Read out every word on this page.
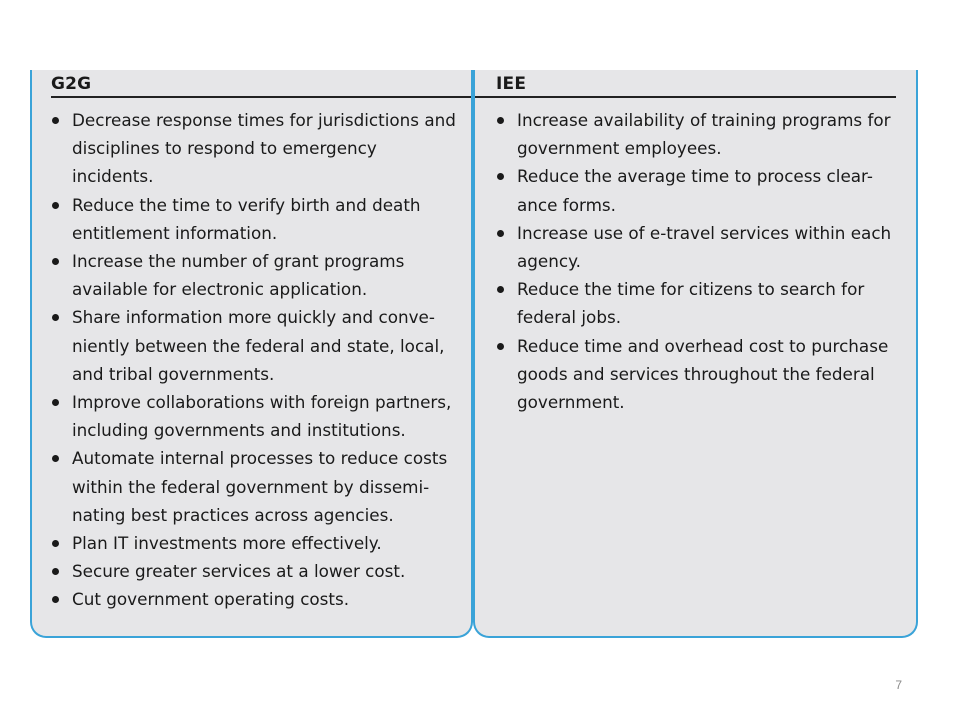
G2G
Decrease response times for jurisdictions and disciplines to respond to emergency incidents.
Reduce the time to verify birth and death entitlement information.
Increase the number of grant programs available for electronic application.
Share information more quickly and conve-niently between the federal and state, local, and tribal governments.
Improve collaborations with foreign partners, including governments and institutions.
Automate internal processes to reduce costs within the federal government by dissemi-nating best practices across agencies.
Plan IT investments more effectively.
Secure greater services at a lower cost.
Cut government operating costs.
IEE
Increase availability of training programs for government employees.
Reduce the average time to process clear-ance forms.
Increase use of e-travel services within each agency.
Reduce the time for citizens to search for federal jobs.
Reduce time and overhead cost to purchase goods and services throughout the federal government.
7
